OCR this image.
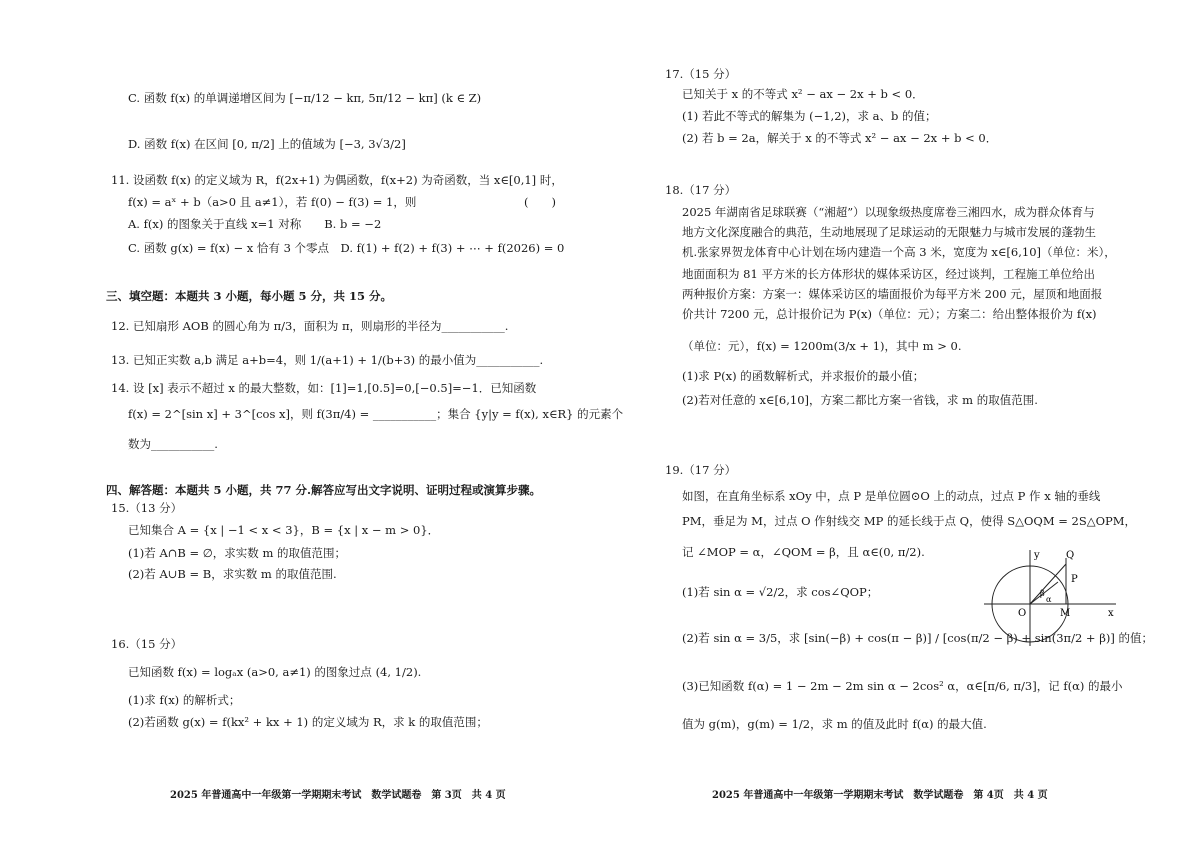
C. 函数 f(x) 的单调递增区间为 [−π/12 − kπ, 5π/12 − kπ] (k ∈ Z)
D. 函数 f(x) 在区间 [0, π/2] 上的值域为 [−3, 3√3/2]
11. 设函数 f(x) 的定义域为 R，f(2x+1) 为偶函数，f(x+2) 为奇函数，当 x∈[0,1] 时，
f(x) = aˣ + b（a>0 且 a≠1），若 f(0) − f(3) = 1，则	(　　)
A. f(x) 的图象关于直线 x=1 对称　　B. b = −2
C. 函数 g(x) = f(x) − x 恰有 3 个零点　D. f(1) + f(2) + f(3) + ⋯ + f(2026) = 0
三、填空题：本题共 3 小题，每小题 5 分，共 15 分。
12. 已知扇形 AOB 的圆心角为 π/3，面积为 π，则扇形的半径为___________.
13. 已知正实数 a,b 满足 a+b=4，则 1/(a+1) + 1/(b+3) 的最小值为___________.
14. 设 [x] 表示不超过 x 的最大整数，如：[1]=1,[0.5]=0,[−0.5]=−1．已知函数
f(x) = 2^[sin x] + 3^[cos x]，则 f(3π/4) = ___________；集合 {y|y = f(x), x∈R} 的元素个
数为___________.
四、解答题：本题共 5 小题，共 77 分.解答应写出文字说明、证明过程或演算步骤。
15.（13 分）
已知集合 A = {x | −1 < x < 3}，B = {x | x − m > 0}．
(1)若 A∩B = ∅，求实数 m 的取值范围；
(2)若 A∪B = B，求实数 m 的取值范围.
16.（15 分）
已知函数 f(x) = logₐx (a>0, a≠1) 的图象过点 (4, 1/2).
(1)求 f(x) 的解析式；
(2)若函数 g(x) = f(kx² + kx + 1) 的定义域为 R，求 k 的取值范围；
Q
P
O	M	x
y
β
α
17.（15 分）
已知关于 x 的不等式 x² − ax − 2x + b < 0．
(1) 若此不等式的解集为 (−1,2)，求 a、b 的值；
(2) 若 b = 2a，解关于 x 的不等式 x² − ax − 2x + b < 0．
18.（17 分）
2025 年湖南省足球联赛（“湘超”）以现象级热度席卷三湘四水，成为群众体育与
地方文化深度融合的典范，生动地展现了足球运动的无限魅力与城市发展的蓬勃生
机.张家界贺龙体育中心计划在场内建造一个高 3 米，宽度为 x∈[6,10]（单位：米），
地面面积为 81 平方米的长方体形状的媒体采访区，经过谈判，工程施工单位给出
两种报价方案：方案一：媒体采访区的墙面报价为每平方米 200 元，屋顶和地面报
价共计 7200 元，总计报价记为 P(x)（单位：元）；方案二：给出整体报价为 f(x)
（单位：元），f(x) = 1200m(3/x + 1)，其中 m > 0.
(1)求 P(x) 的函数解析式，并求报价的最小值；
(2)若对任意的 x∈[6,10]，方案二都比方案一省钱，求 m 的取值范围.
19.（17 分）
如图，在直角坐标系 xOy 中，点 P 是单位圆⊙O 上的动点，过点 P 作 x 轴的垂线
PM，垂足为 M，过点 O 作射线交 MP 的延长线于点 Q，使得 S△OQM = 2S△OPM，
记 ∠MOP = α，∠QOM = β，且 α∈(0, π/2).
(1)若 sin α = √2/2，求 cos∠QOP；
(2)若 sin α = 3/5，求 [sin(−β) + cos(π − β)] / [cos(π/2 − β) + sin(3π/2 + β)] 的值；
(3)已知函数 f(α) = 1 − 2m − 2m sin α − 2cos² α，α∈[π/6, π/3]，记 f(α) 的最小
值为 g(m)，g(m) = 1/2，求 m 的值及此时 f(α) 的最大值.
2025 年普通高中一年级第一学期期末考试　数学试题卷　第 3页　共 4 页	2025 年普通高中一年级第一学期期末考试　数学试题卷　第 4页　共 4 页
